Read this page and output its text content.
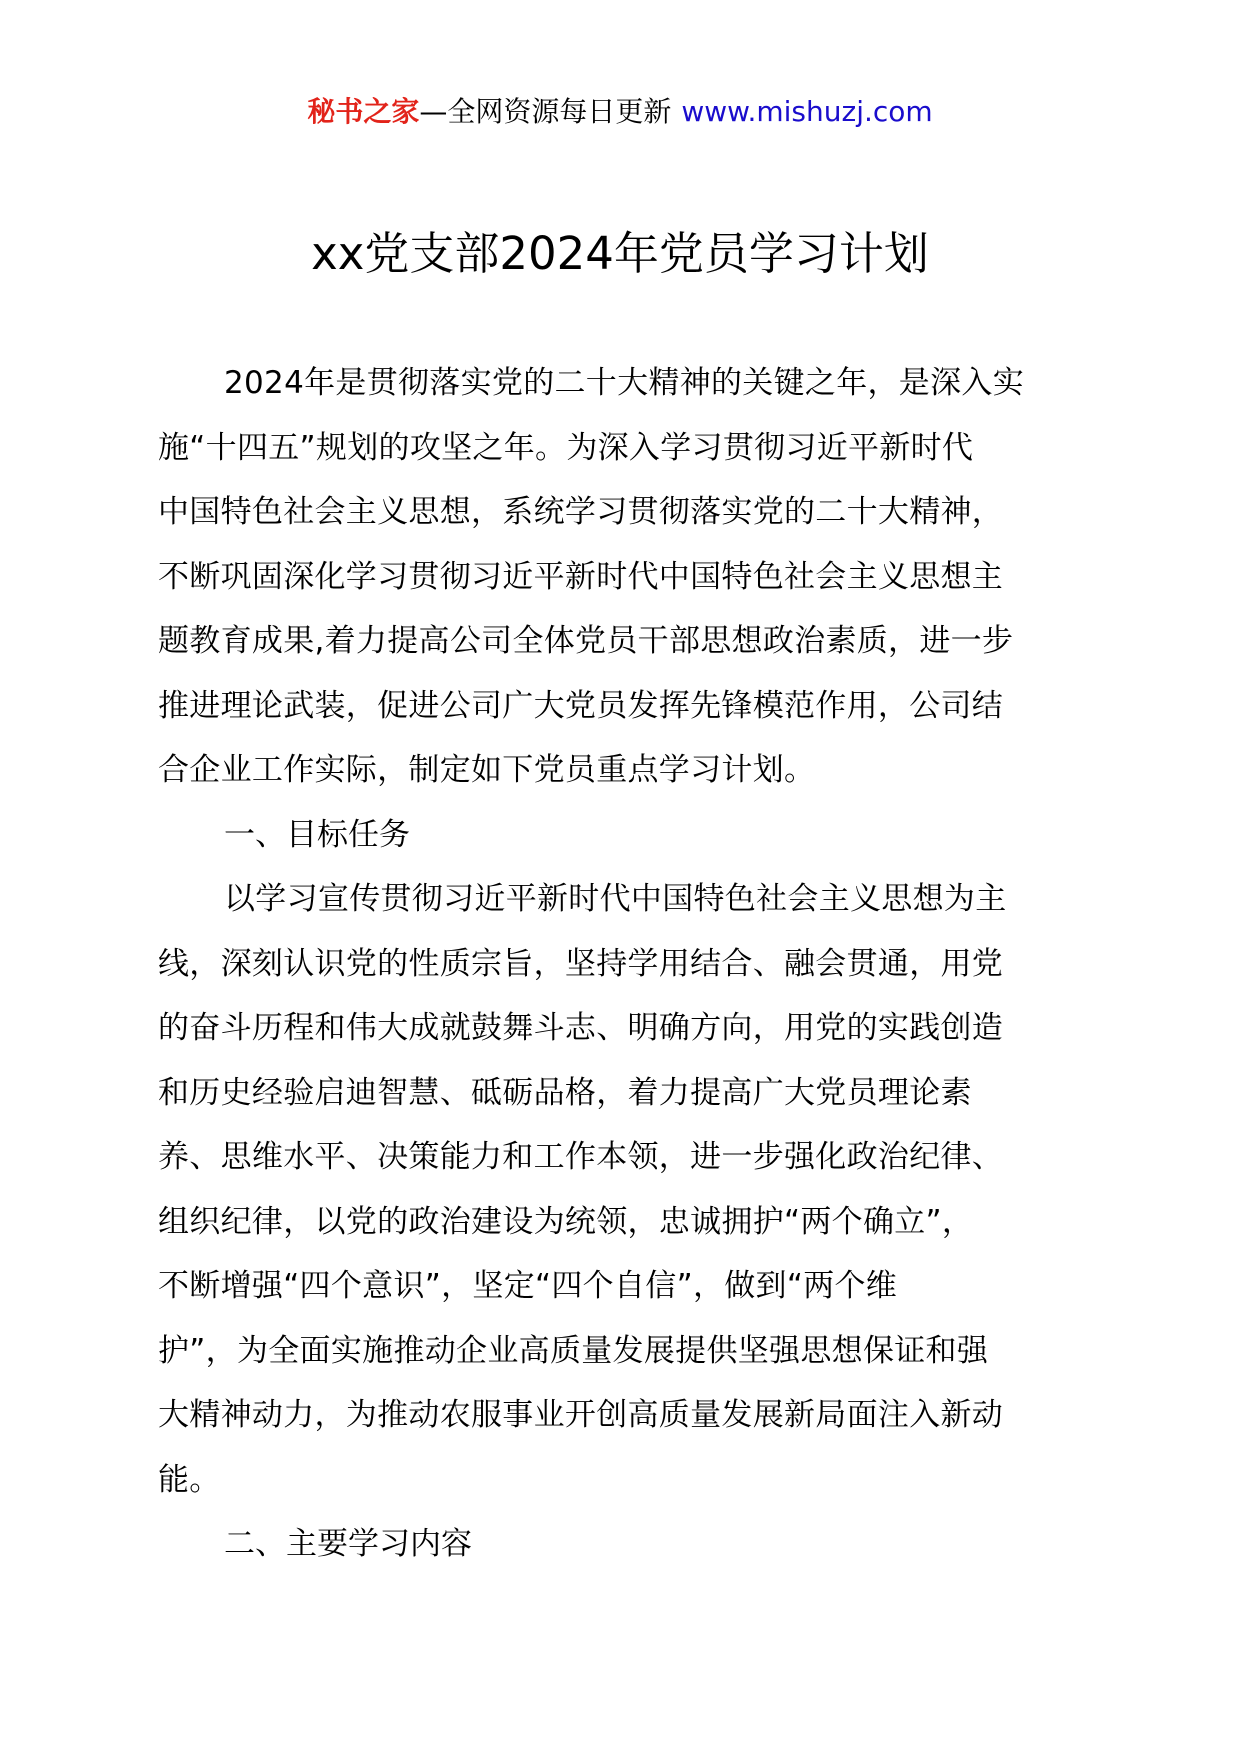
秘书之家—全网资源每日更新 www.mishuzj.com
xx党支部2024年党员学习计划
2024年是贯彻落实党的二十大精神的关键之年，是深入实
施“十四五”规划的攻坚之年。为深入学习贯彻习近平新时代
中国特色社会主义思想，系统学习贯彻落实党的二十大精神，
不断巩固深化学习贯彻习近平新时代中国特色社会主义思想主
题教育成果,着力提高公司全体党员干部思想政治素质，进一步
推进理论武装，促进公司广大党员发挥先锋模范作用，公司结
合企业工作实际，制定如下党员重点学习计划。
一、目标任务
以学习宣传贯彻习近平新时代中国特色社会主义思想为主
线，深刻认识党的性质宗旨，坚持学用结合、融会贯通，用党
的奋斗历程和伟大成就鼓舞斗志、明确方向，用党的实践创造
和历史经验启迪智慧、砥砺品格，着力提高广大党员理论素
养、思维水平、决策能力和工作本领，进一步强化政治纪律、
组织纪律，以党的政治建设为统领，忠诚拥护“两个确立”，
不断增强“四个意识”，坚定“四个自信”，做到“两个维
护”，为全面实施推动企业高质量发展提供坚强思想保证和强
大精神动力，为推动农服事业开创高质量发展新局面注入新动
能。
二、主要学习内容
